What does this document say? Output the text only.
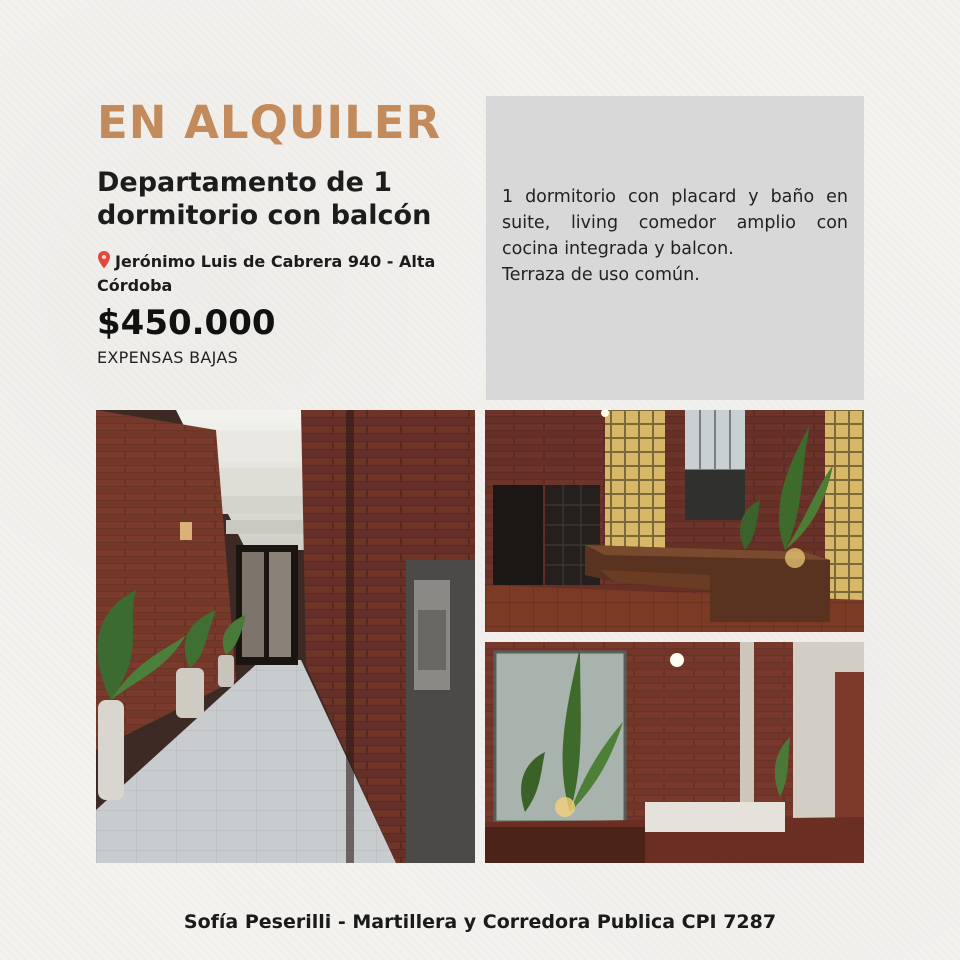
EN ALQUILER
Departamento de 1 dormitorio con balcón
Jerónimo Luis de Cabrera 940 - Alta Córdoba
$450.000
EXPENSAS BAJAS

1 dormitorio con placard y baño en suite, living comedor amplio con cocina integrada y balcon.

Terraza de uso común.

Sofía Peserilli - Martillera y Corredora Publica CPI 7287
